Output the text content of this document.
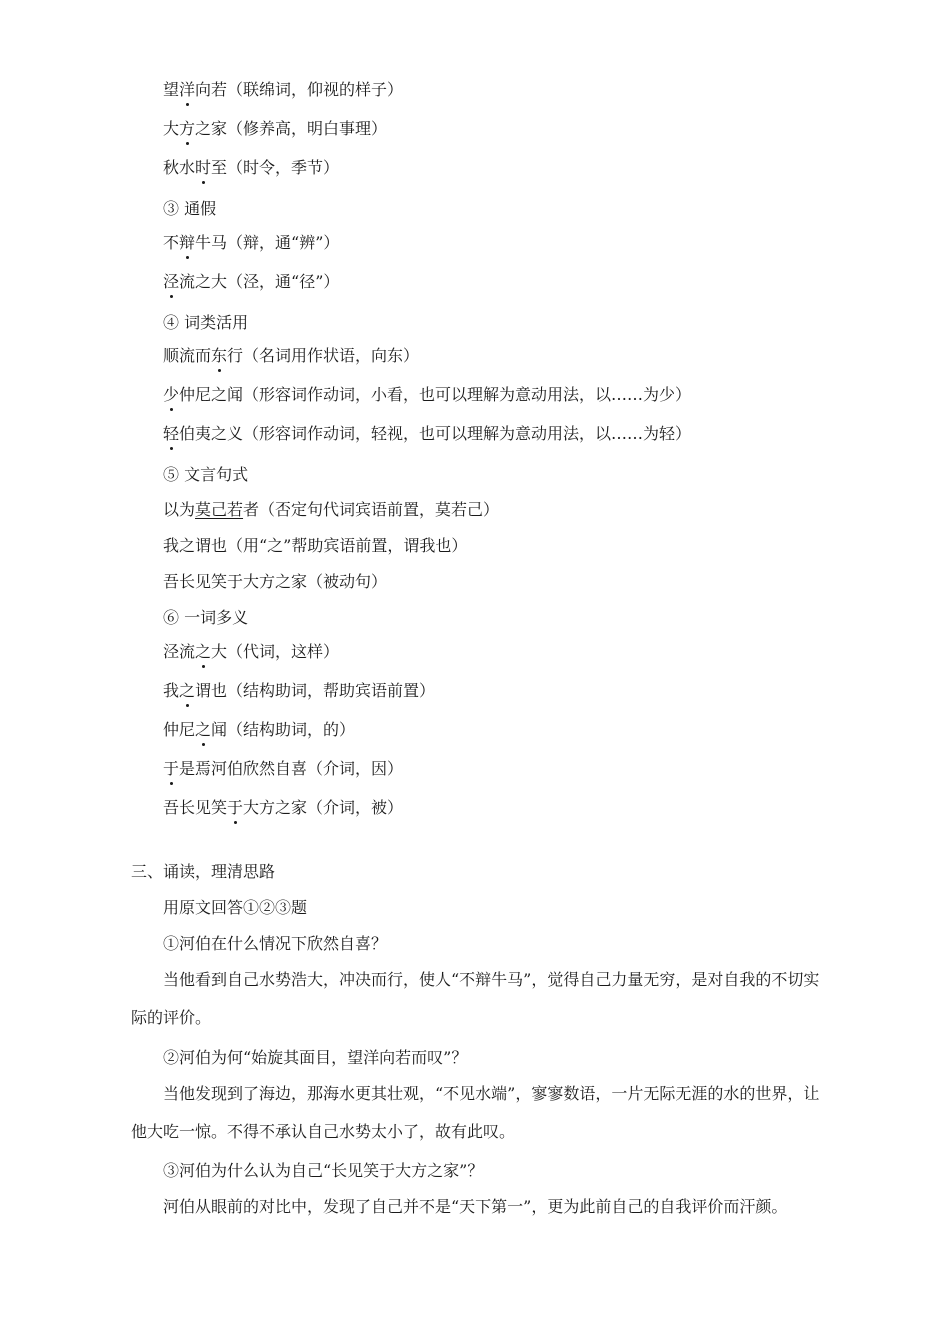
望洋向若（联绵词，仰视的样子）
大方之家（修养高，明白事理）
秋水时至（时令，季节）
③ 通假
不辩牛马（辩，通“辨”）
泾流之大（泾，通“径”）
④ 词类活用
顺流而东行（名词用作状语，向东）
少仲尼之闻（形容词作动词，小看，也可以理解为意动用法，以……为少）
轻伯夷之义（形容词作动词，轻视，也可以理解为意动用法，以……为轻）
⑤ 文言句式
以为莫己若者（否定句代词宾语前置，莫若己）
我之谓也（用“之”帮助宾语前置，谓我也）
吾长见笑于大方之家（被动句）
⑥ 一词多义
泾流之大（代词，这样）
我之谓也（结构助词，帮助宾语前置）
仲尼之闻（结构助词，的）
于是焉河伯欣然自喜（介词，因）
吾长见笑于大方之家（介词，被）
三、诵读，理清思路
用原文回答①②③题
①河伯在什么情况下欣然自喜？
当他看到自己水势浩大，冲决而行，使人“不辩牛马”，觉得自己力量无穷，是对自我的不切实际的评价。
②河伯为何“始旋其面目，望洋向若而叹”？
当他发现到了海边，那海水更其壮观，“不见水端”，寥寥数语，一片无际无涯的水的世界，让他大吃一惊。不得不承认自己水势太小了，故有此叹。
③河伯为什么认为自己“长见笑于大方之家”？
河伯从眼前的对比中，发现了自己并不是“天下第一”，更为此前自己的自我评价而汗颜。
